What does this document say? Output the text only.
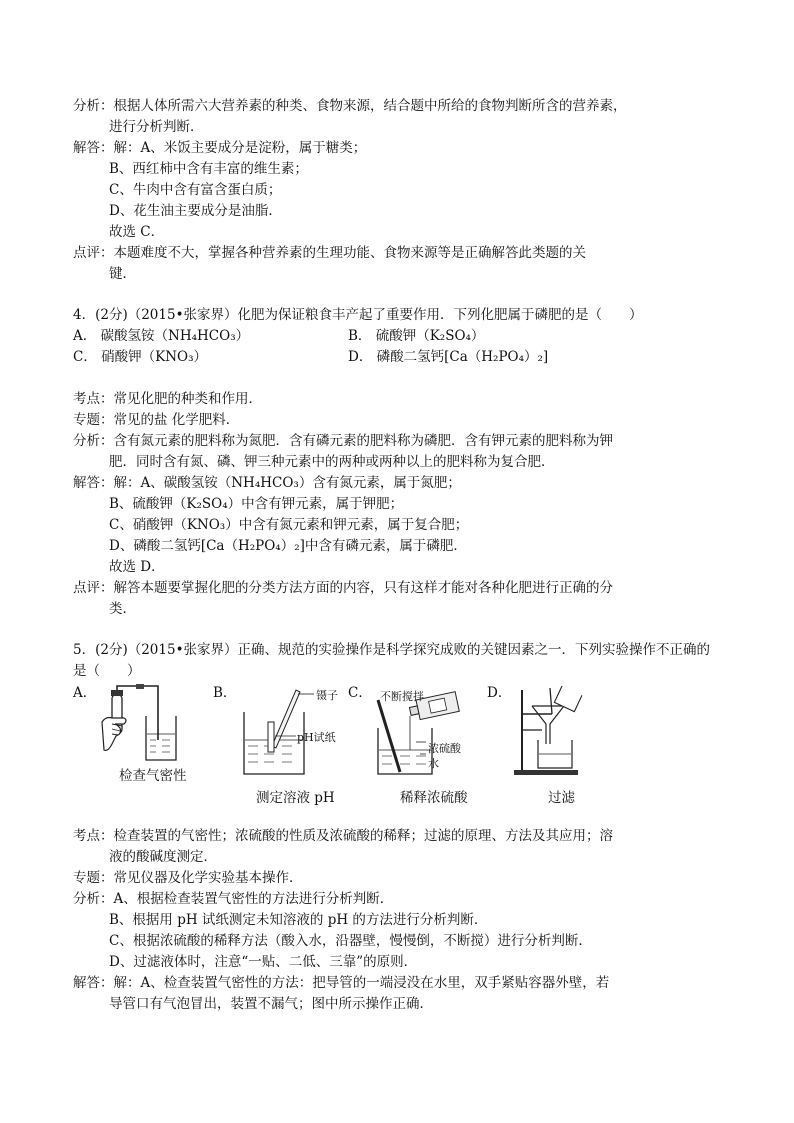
分析：根据人体所需六大营养素的种类、食物来源，结合题中所给的食物判断所含的营养素，
进行分析判断．
解答：解：A、米饭主要成分是淀粉，属于糖类；
B、西红柿中含有丰富的维生素；
C、牛肉中含有富含蛋白质；
D、花生油主要成分是油脂．
故选 C．
点评：本题难度不大，掌握各种营养素的生理功能、食物来源等是正确解答此类题的关
键．
4．(2分)（2015•张家界）化肥为保证粮食丰产起了重要作用．下列化肥属于磷肥的是（　　）
A． 碳酸氢铵（NH₄HCO₃）	B． 硫酸钾（K₂SO₄）
C． 硝酸钾（KNO₃）	D． 磷酸二氢钙[Ca（H₂PO₄）₂]
考点：常见化肥的种类和作用．
专题：常见的盐 化学肥料．
分析：含有氮元素的肥料称为氮肥．含有磷元素的肥料称为磷肥．含有钾元素的肥料称为钾
肥．同时含有氮、磷、钾三种元素中的两种或两种以上的肥料称为复合肥．
解答：解：A、碳酸氢铵（NH₄HCO₃）含有氮元素，属于氮肥；
B、硫酸钾（K₂SO₄）中含有钾元素，属于钾肥；
C、硝酸钾（KNO₃）中含有氮元素和钾元素，属于复合肥；
D、磷酸二氢钙[Ca（H₂PO₄）₂]中含有磷元素，属于磷肥．
故选 D．
点评：解答本题要掌握化肥的分类方法方面的内容，只有这样才能对各种化肥进行正确的分
类．
5．(2分)（2015•张家界）正确、规范的实验操作是科学探究成败的关键因素之一．下列实验操作不正确的
是（　　）
A．
检查气密性
B．	镊子
pH试纸
测定溶液 pH
C． 不断搅拌
浓硫酸
水
稀释浓硫酸
D．
过滤
考点：检查装置的气密性；浓硫酸的性质及浓硫酸的稀释；过滤的原理、方法及其应用；溶
液的酸碱度测定．
专题：常见仪器及化学实验基本操作．
分析：A、根据检查装置气密性的方法进行分析判断．
B、根据用 pH 试纸测定未知溶液的 pH 的方法进行分析判断．
C、根据浓硫酸的稀释方法（酸入水，沿器壁，慢慢倒，不断搅）进行分析判断．
D、过滤液体时，注意“一贴、二低、三靠”的原则．
解答：解：A、检查装置气密性的方法：把导管的一端浸没在水里，双手紧贴容器外壁，若
导管口有气泡冒出，装置不漏气；图中所示操作正确．
